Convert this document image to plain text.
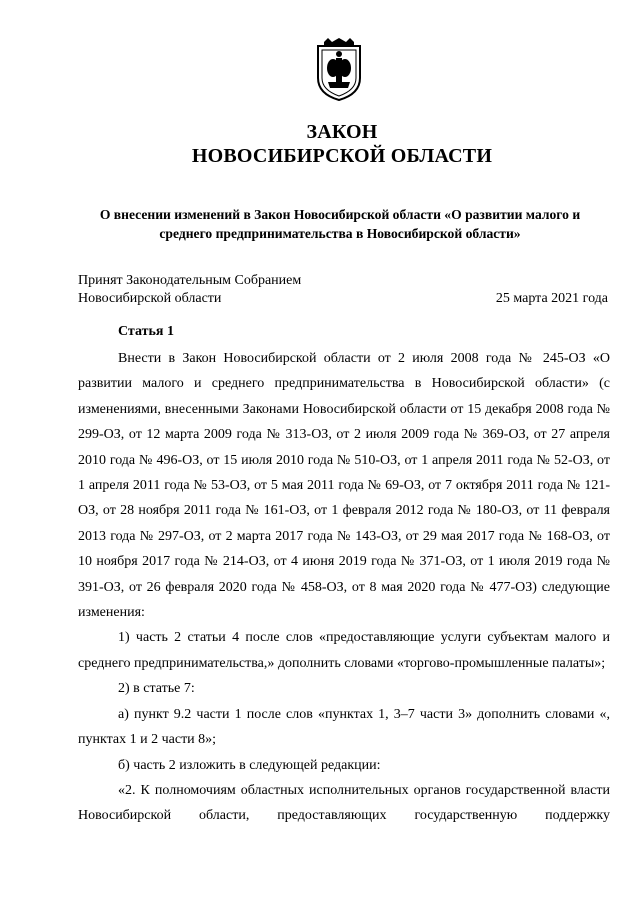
ЗАКОН
НОВОСИБИРСКОЙ ОБЛАСТИ
О внесении изменений в Закон Новосибирской области «О развитии малого и
среднего предпринимательства в Новосибирской области»
Принят Законодательным Собранием
Новосибирской области	25 марта 2021 года
Статья 1

Внести в Закон Новосибирской области от 2 июля 2008 года № 245-ОЗ «О развитии малого и среднего предпринимательства в Новосибирской области» (с изменениями, внесенными Законами Новосибирской области от 15 декабря 2008 года № 299-ОЗ, от 12 марта 2009 года № 313-ОЗ, от 2 июля 2009 года № 369-ОЗ, от 27 апреля 2010 года № 496-ОЗ, от 15 июля 2010 года № 510-ОЗ, от 1 апреля 2011 года № 52-ОЗ, от 1 апреля 2011 года № 53-ОЗ, от 5 мая 2011 года № 69-ОЗ, от 7 октября 2011 года № 121-ОЗ, от 28 ноября 2011 года № 161-ОЗ, от 1 февраля 2012 года № 180-ОЗ, от 11 февраля 2013 года № 297-ОЗ, от 2 марта 2017 года № 143-ОЗ, от 29 мая 2017 года № 168-ОЗ, от 10 ноября 2017 года № 214-ОЗ, от 4 июня 2019 года № 371-ОЗ, от 1 июля 2019 года № 391-ОЗ, от 26 февраля 2020 года № 458-ОЗ, от 8 мая 2020 года № 477-ОЗ) следующие изменения:

1) часть 2 статьи 4 после слов «предоставляющие услуги субъектам малого и среднего предпринимательства,» дополнить словами «торгово-промышленные палаты»;

2) в статье 7:

а) пункт 9.2 части 1 после слов «пунктах 1, 3–7 части 3» дополнить словами «, пунктах 1 и 2 части 8»;

б) часть 2 изложить в следующей редакции:

«2. К полномочиям областных исполнительных органов государственной власти Новосибирской области, предоставляющих государственную поддержку
